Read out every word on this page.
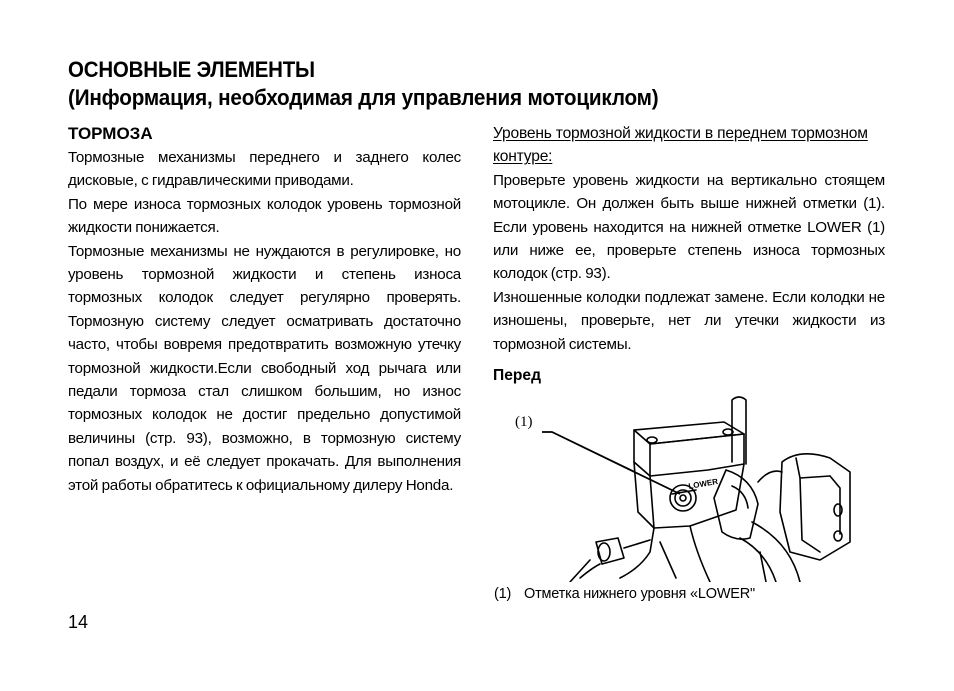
ОСНОВНЫЕ ЭЛЕМЕНТЫ
(Информация, необходимая для управления мотоциклом)
ТОРМОЗА

Тормозные механизмы переднего и заднего колес дисковые, с гидравлическими приводами.

По мере износа тормозных колодок уровень тормозной жидкости понижается.

Тормозные механизмы не нуждаются в регулировке, но уровень тормозной жидкости и степень износа тормозных колодок следует регулярно проверять. Тормозную систему следует осматривать достаточно часто, чтобы вовремя предотвратить возможную утечку тормозной жидкости.Если свободный ход рычага или педали тормоза стал слишком большим, но износ тормозных колодок не достиг предельно допустимой величины (стр. 93), возможно, в тормозную систему попал воздух, и её следует прокачать. Для выполнения этой работы обратитесь к официальному дилеру Honda.

Уровень тормозной жидкости в переднем тормозном контуре:

Проверьте уровень жидкости на вертикально стоящем мотоцикле. Он должен быть выше нижней отметки (1). Если уровень находится на нижней отметке LOWER (1) или ниже ее, проверьте степень износа тормозных колодок (стр. 93).

Изношенные колодки подлежат замене. Если колодки не изношены, проверьте, нет ли утечки жидкости из тормозной системы.

Перед

LOWER
(1)
(1) Отметка нижнего уровня «LOWER"
14
